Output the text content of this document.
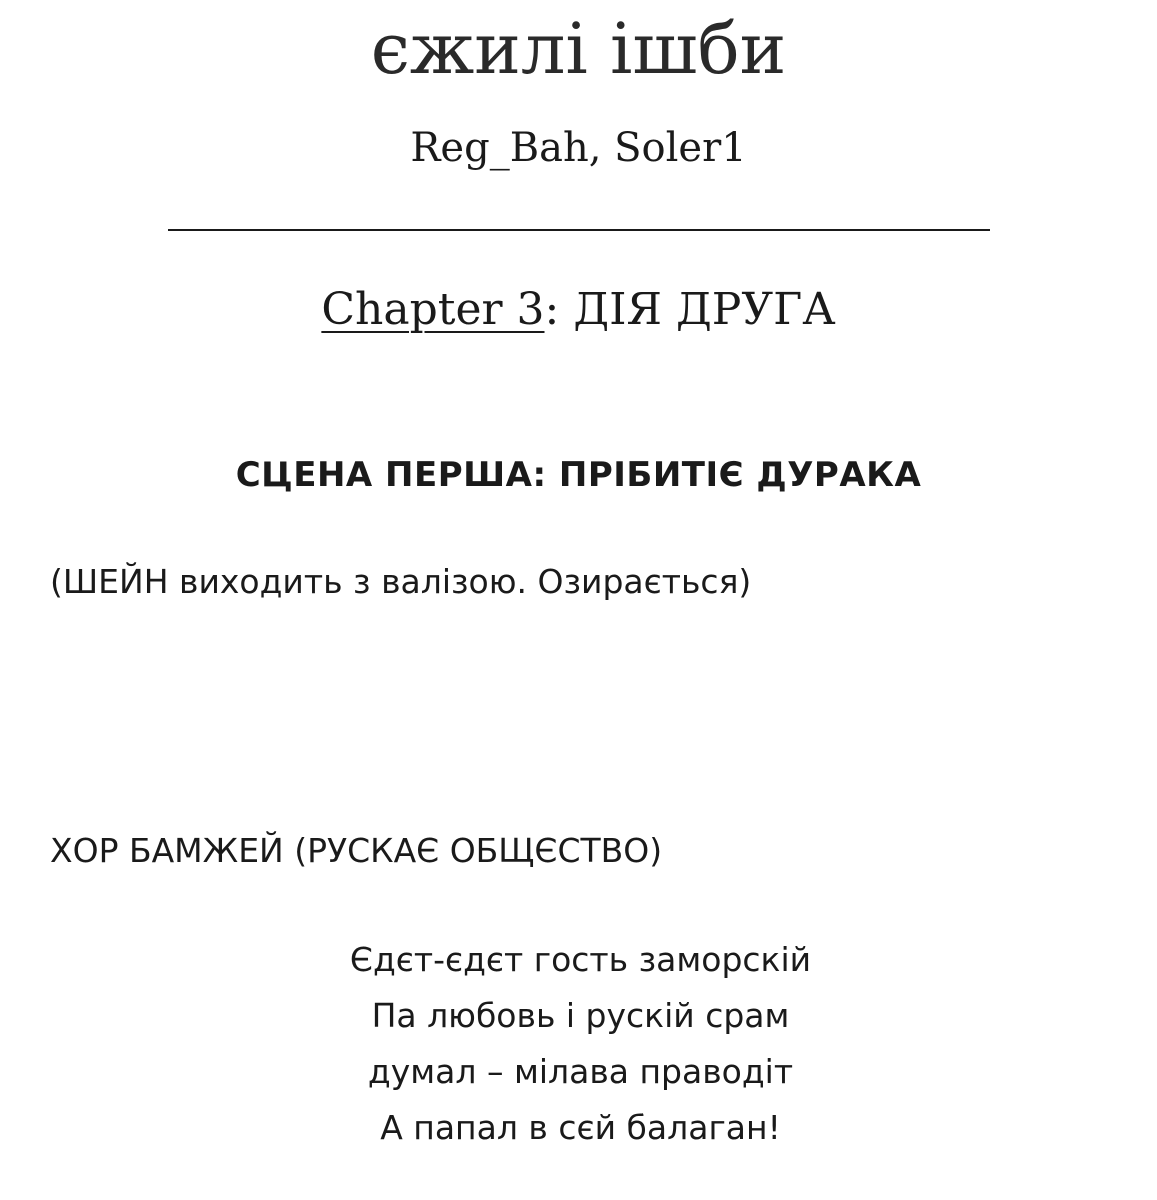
єжилі ішби
Reg_Bah, Soler1
Chapter 3: ДІЯ ДРУГА
СЦЕНА ПЕРША: ПРІБИТІЄ ДУРАКА
(ШЕЙН виходить з валізою. Озирається)
ХОР БАМЖЕЙ (РУСКАЄ ОБЩЄСТВО)
Єдєт-єдєт гость заморскій
Па любовь і рускій срам
думал – мілава праводіт
А папал в сєй балаган!
